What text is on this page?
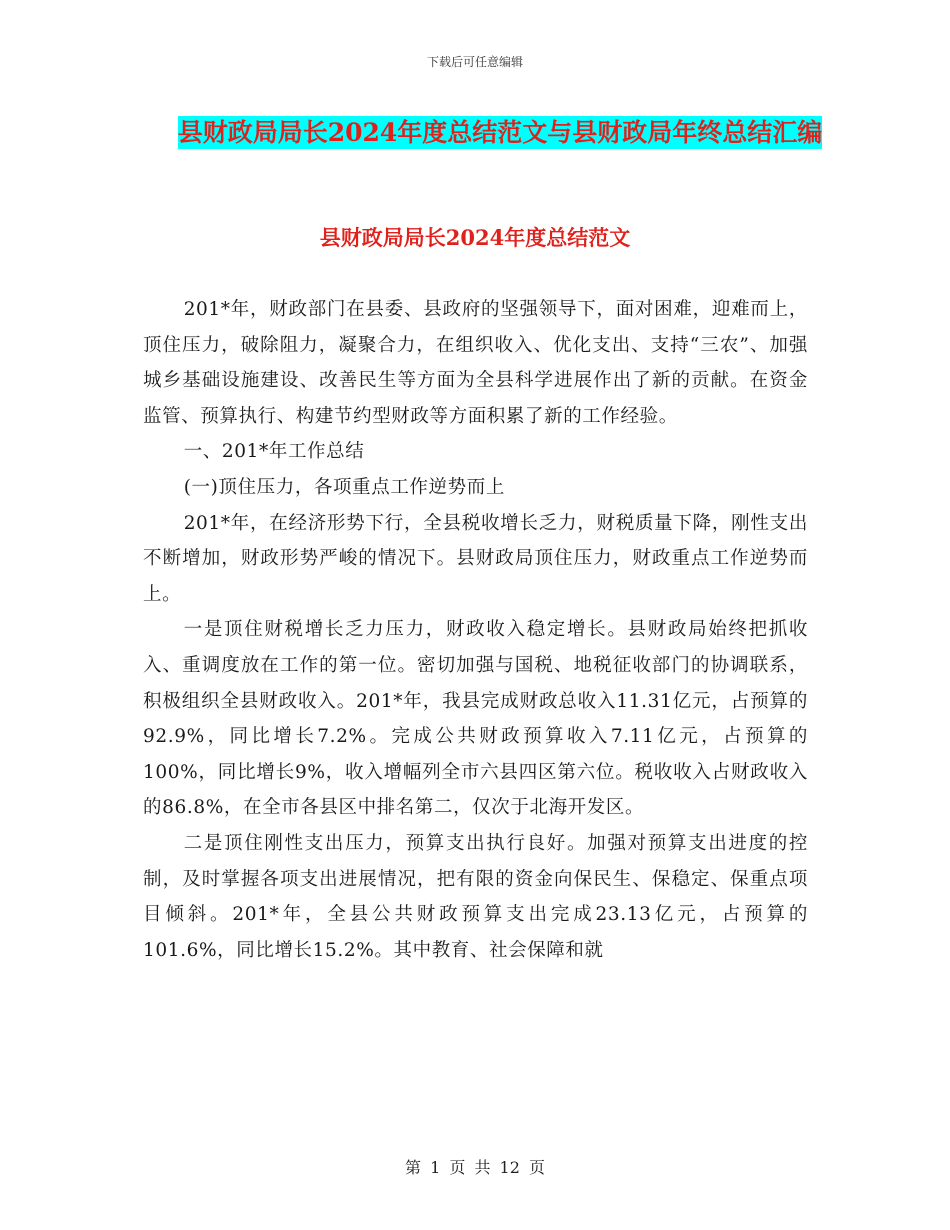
下载后可任意编辑
县财政局局长2024年度总结范文与县财政局年终总结汇编
县财政局局长2024年度总结范文

201*年，财政部门在县委、县政府的坚强领导下，面对困难，迎难而上，顶住压力，破除阻力，凝聚合力，在组织收入、优化支出、支持“三农”、加强城乡基础设施建设、改善民生等方面为全县科学进展作出了新的贡献。在资金监管、预算执行、构建节约型财政等方面积累了新的工作经验。

一、201*年工作总结

(一)顶住压力，各项重点工作逆势而上

201*年，在经济形势下行，全县税收增长乏力，财税质量下降，刚性支出不断增加，财政形势严峻的情况下。县财政局顶住压力，财政重点工作逆势而上。

一是顶住财税增长乏力压力，财政收入稳定增长。县财政局始终把抓收入、重调度放在工作的第一位。密切加强与国税、地税征收部门的协调联系，积极组织全县财政收入。201*年，我县完成财政总收入11.31亿元，占预算的92.9%，同比增长7.2%。完成公共财政预算收入7.11亿元，占预算的100%，同比增长9%，收入增幅列全市六县四区第六位。税收收入占财政收入的86.8%，在全市各县区中排名第二，仅次于北海开发区。

二是顶住刚性支出压力，预算支出执行良好。加强对预算支出进度的控制，及时掌握各项支出进展情况，把有限的资金向保民生、保稳定、保重点项目倾斜。201*年，全县公共财政预算支出完成23.13亿元，占预算的101.6%，同比增长15.2%。其中教育、社会保障和就

第 1 页 共 12 页
